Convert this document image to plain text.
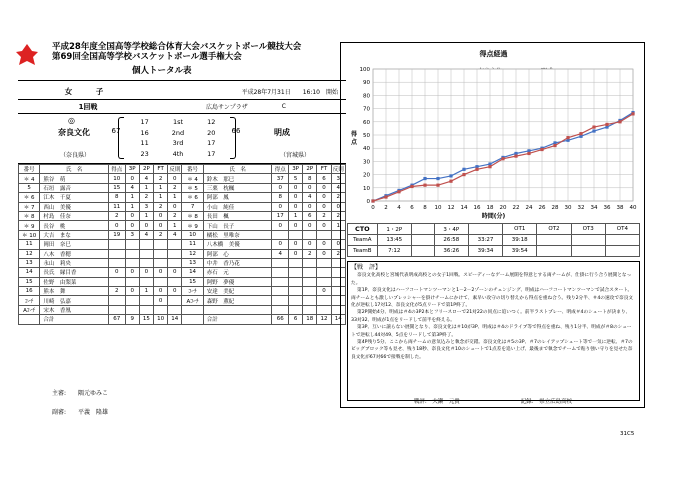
平成28年度全国高等学校総合体育大会バスケットボール競技大会
第69回全国高等学校バスケットボール選手権大会
個人トータル表
女　子	平成28年7月31日　　16:10　開始
1回戦	広島サンプラザ	C
◎
奈良文化
（奈良県）
67
17	1st	12
16	2nd	20
11	3rd	17
23	4th	17
66	明成
（宮城県）
番号	氏　名	得点	3P	2P	FT	反則	番号	氏　名	得点	3P	2P	FT	反則
＊ 4	熊谷　萌	10	0	4	2	0	＊ 4	鈴木　那巳	37	5	8	6	3
5	石垣　露音	15	4	1	1	2	＊ 5	三栗　枕楓	0	0	0	0	4
＊ 6	江木　千夏	8	1	2	1	1	＊ 6	阿部　鳳	8	0	4	0	2
＊ 7	西山　美優	11	1	3	2	0	7	小山　純佳	0	0	0	0	0
＊ 8	村島　佳奈	2	0	1	0	2	＊ 8	長田　楓	17	1	6	2	2
＊ 9	長谷　桃	0	0	0	0	1	＊ 9	下山　長子	0	0	0	0	1
＊ 10	大吉　まな	19	3	4	2	4	10	橘松　里唯奈					
11	岡田　奈巳						11	八木橋　美優	0	0	0	0	0
12	八木　香穂						12	阿部　心	4	0	2	0	2
13	永山　莉央						13	中井　香乃花					
14	長氏　縁目香	0	0	0	0	0	14	赤石　元					
15	佐野　由梨菜						15	阿野　夢優					
16	熊本　舞	2	0	1	0	0	ｺｰﾁ	安達　美紀				0	
ｺｰﾁ	川崎　弘嘉				0		Aｺｰﾁ	森野　薫紀					
Aｺｰﾁ	宋木　香凰												
	合計	67	9	15	10	14		合計	66	6	18	12	14
主審: 隅元ゆみこ
副審: 平義　隆雄
得点経過
得点
時間(分)
0
10
20
30
40
50
60
70
80
90
100
0 2 4 6 8 10 12 14 16 18 20 22 24 26 28 30 32 34 36 38 40
CTO	1・2P		3・4P		OT1	OT2	OT3	OT4
TeamA	13:45		26:58	33:27	39:18			
TeamB	7:12		36:26	39:34	39:54			
【戦　評】

奈良文化高校と宮城代表明成高校との女子1回戦。スピーディーなゲーム展開を得意とする両チームが、仕掛に行う合う展開となった。

第1P、奈良文化はハーフコートマンツーマンと1－2－2ゾーンのチェンジング、明成はハーフコートマンツーマンで試合スタート。両チームとも激しいプレッシャーを掛けチームにかけて、素早い攻守の切り替えから得点を重ね合う。残り2分半、＃4の速攻で奈良文化が逆転し17対12、奈良文化が5点リードで第1P終了。

第2P開始4分、明成は＃4の3P2本とフリースローで21対22の同点に追いつく。前半ラストプレー、明成＃4のシュートが決まり、33対32、明成が1点をリードして前半を終える。

第3P、互いに譲らない展開となり、奈良文化は＃10が3P、明成は＃4のドライブ等で得点を重ね、残り1分半、明成が＃8のシュートで逆転し44対49、5点をリードして第3P終了。

第4P残り5分、ここから両チームの意気込みと執念が交錯。奈良文化は＃5の3P、＃7のレイアップシュート等で一気に逆転、＃7のビッグブロック等も見せ、残り18秒、奈良文化＃10のシュートで1点差を追い上げ、最後まで執念でチームで粘り強い守りを見せた奈良文化が67対66で接戦を制した。

戦評:　 大瀬　元貴	記録:　 県立広島高校
31C5
